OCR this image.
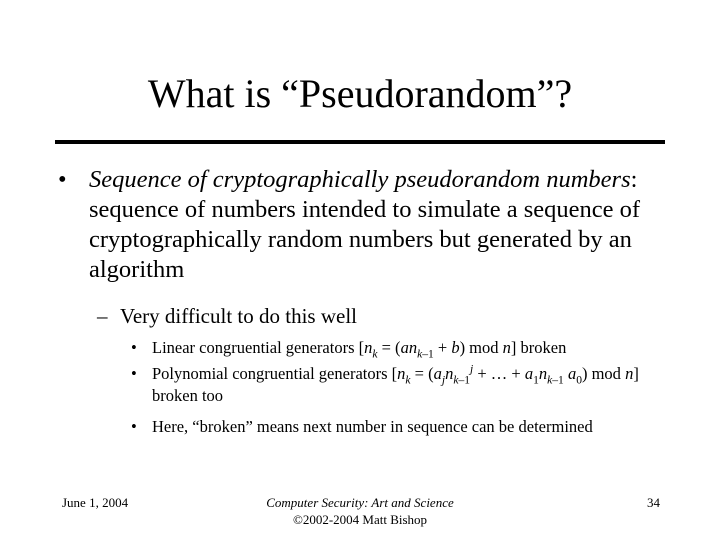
What is “Pseudorandom”?
• Sequence of cryptographically pseudorandom numbers: sequence of numbers intended to simulate a sequence of cryptographically random numbers but generated by an algorithm
– Very difficult to do this well
• Linear congruential generators [$n_k = (an_{k-1} + b)$ mod n] broken
• Polynomial congruential generators [$n_k = (a_jn_{k-1}^j$ + … + $a_1n_{k-1}$ $a_0$) mod n] broken too
• Here, “broken” means next number in sequence can be determined
June 1, 2004	Computer Security: Art and Science
©2002-2004 Matt Bishop
34
